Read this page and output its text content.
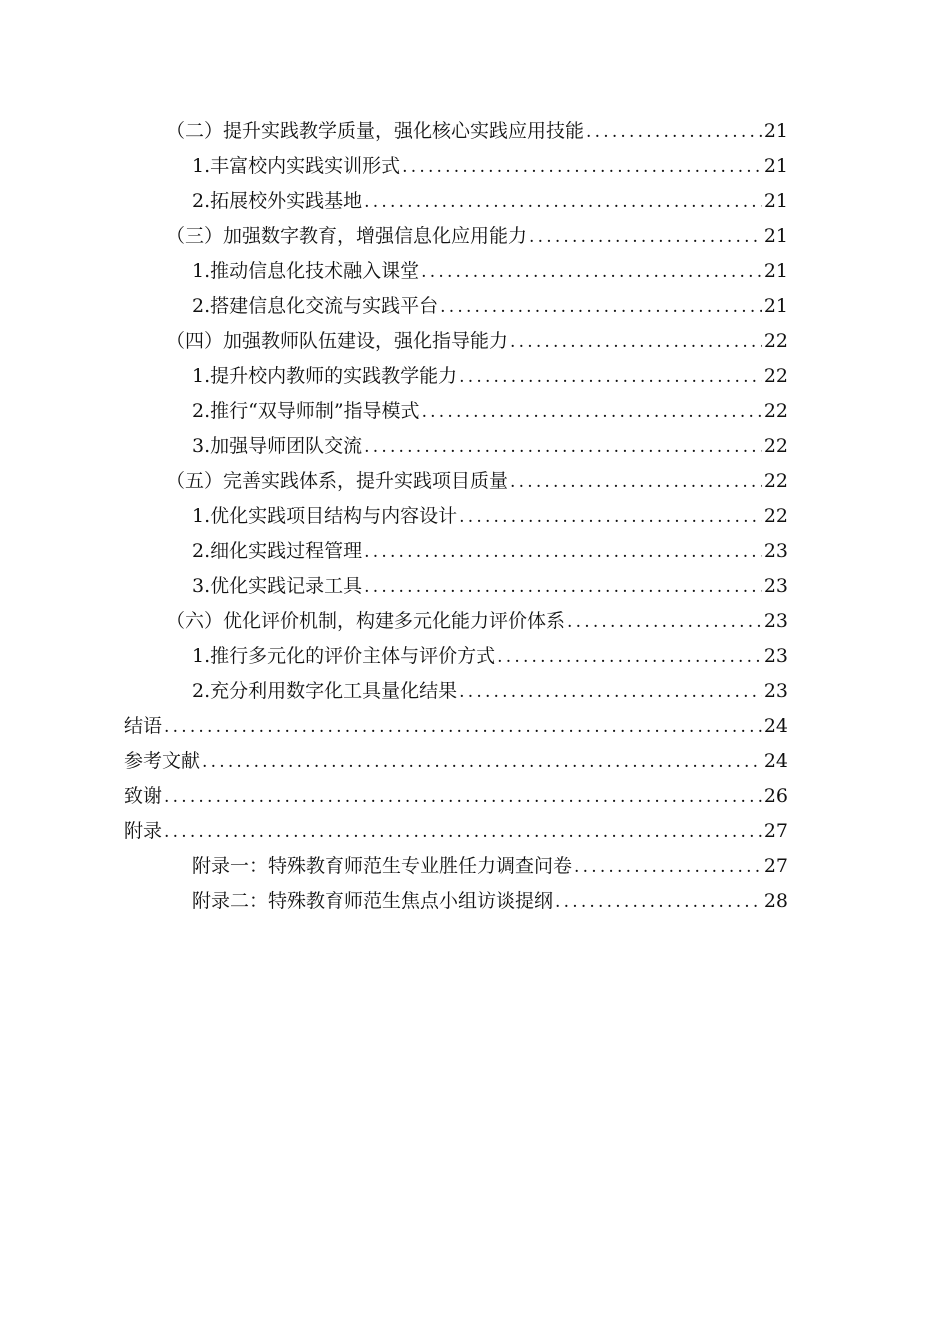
（二）提升实践教学质量，强化核心实践应用技能 .....	21
1.丰富校内实践实训形式 .....	21
2.拓展校外实践基地 .....	21
（三）加强数字教育，增强信息化应用能力 .....	21
1.推动信息化技术融入课堂 .....	21
2.搭建信息化交流与实践平台 .....	21
（四）加强教师队伍建设，强化指导能力 .....	22
1.提升校内教师的实践教学能力 .....	22
2.推行“双导师制”指导模式 .....	22
3.加强导师团队交流 .....	22
（五）完善实践体系，提升实践项目质量 .....	22
1.优化实践项目结构与内容设计 .....	22
2.细化实践过程管理 .....	23
3.优化实践记录工具 .....	23
（六）优化评价机制，构建多元化能力评价体系 .....	23
1.推行多元化的评价主体与评价方式 .....	23
2.充分利用数字化工具量化结果 .....	23
结语 .....	24
参考文献 .....	24
致谢 .....	26
附录 .....	27
附录一：特殊教育师范生专业胜任力调查问卷 .....	27
附录二：特殊教育师范生焦点小组访谈提纲 .....	28
